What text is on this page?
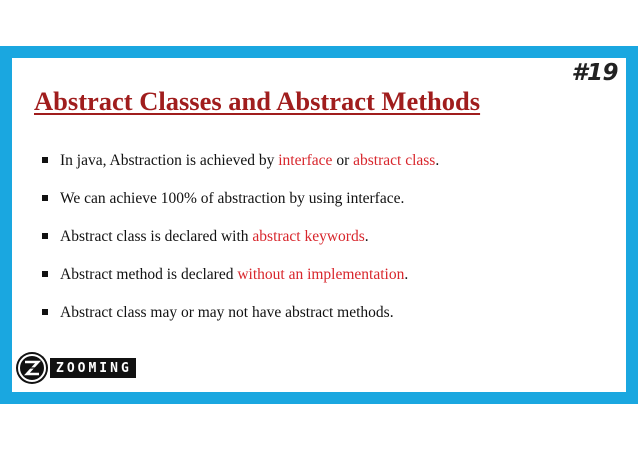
#19
Abstract Classes and Abstract Methods
In java, Abstraction is achieved by interface or abstract class.
We can achieve 100% of abstraction by using interface.
Abstract class is declared with abstract keywords.
Abstract method is declared without an implementation.
Abstract class may or may not have abstract methods.
ZOOMING
